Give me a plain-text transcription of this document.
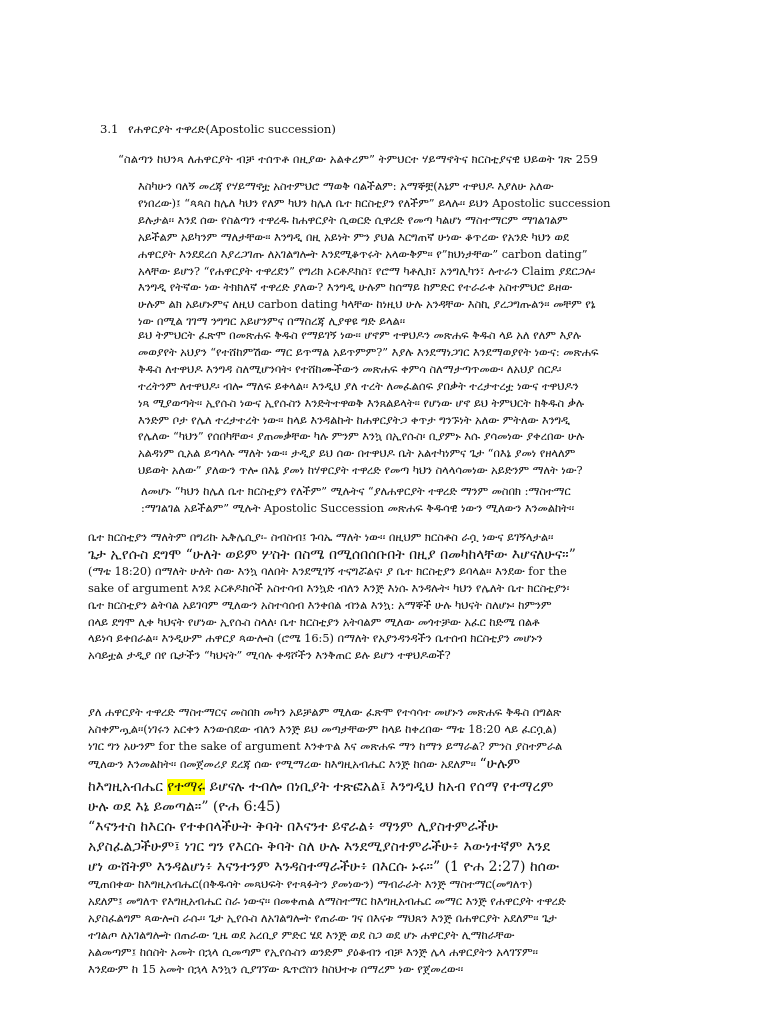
3.1 የሐዋርያት ተዋረድ(Apostolic succession)
“ስልጣን ከህንጻ ለሐዋርያት ብቻ ተሰጥቶ በዚያው አልቀረም” ትምህርተ ሃይማኖትና ክርስቲያናዊ ህይወት ገጽ 259
እስካሁን ባለኝ መረጃ የሃይማኖቷ አስተምህሮ ማወቅ ባልችልም: አማኞቿ(እኔም ተዋህዶ እያለሁ አለው
የነበረው)፤ “ጳጳስ ከሌለ ካህን የለም ካህን ከሌለ ቤተ ክርስቲያን የለችም” ይላሉ፡፡ ይህን Apostolic succession
ይሉታል፡፡ እንደ ሰው የስልጣን ተዋረዱ ከሐዋርያት ሲወርድ ሲዋረድ የመጣ ካልሆነ ማስተማርም ማገልገልም
አይችልም አይካንም ማለታቸው፡፡ እንግዲ በዚ አይነት ምን ያህል እርግጠኛ ሁነው ቆጥረው የአንድ ካህን ወደ
ሐዋርያት እንደደረሰ እያረጋገጡ ለአገልግሎት እንደሚቆጥሩት አላውቅም፡፡ የ”ክህነታቸው” carbon dating”
አላቸው ይሆን? “የሐዋርያት ተዋረደን” የግሪክ ኦርቶዶክስ፣ የሮማ ካቶሊክ፣ አንግሊካን፣ ሉተራን Claim ያደርጋሉ፡
እንግዲ የትኛው ነው ትክክለኛ ተዋረድ ያለው? እንግዲ ሁሉም ከሰማይ ከምድር የተራራቀ አስተምህሮ ይዘው
ሁሉም ልክ አይሆኑምና ለዚህ carbon dating ካላቸው ከነዚህ ሁሉ አንዳቸው እስኪ ያረጋግጡልን፡፡ መቸም የኔ
ነው በሚል ገገማ ንግግር አይሆንምና በማስረጃ ሊያዋዩ ግድ ይላል፡፡
ይህ ትምህርት ፈጽሞ በመጽሐፍ ቅዱስ የማይገኝ ነው፡፡ ሆኖም ተዋህዶን መጽሐፍ ቅዱስ ላይ አለ የለም እያሉ
መወያየት አህያን “የተሸከምሽው ማር ይጥማል አይጥምም?” እያሉ እንደማነጋገር እንደማወያየት ነውና: መጽሐፍ
ቅዱስ ለተዋህዶ እንግዳ ስለሚሆንባት፡ የተሸከሙችውን መጽሐፍ ቀምሳ ስለማታጣጥመው፡ ለአህያ ሰርዶ፡
ተረትንም ለተዋህዶ፡ ብሎ ማለፍ ይቀላል፡፡ እንዲህ ያለ ተረት ለመፈልሰፍ ያበቃት ተረታተረቷ ነውና ተዋህዶን
ነጻ ሚያወጣት፡፡ ኢየሱስ ነውና ኢየሱስን እንድትተዋወቅ እንጸልይላት፡፡ የሆነው ሆኖ ይህ ትምህርት ከቅዱስ ቃሉ
እንድም ቦታ የሌለ ተረታተረት ነው፡፡ ከላይ እንዳልኩት ከሐዋርያትጋ ቀጥታ ግንኙነት አለው ምትለው እንግዲ
የሌለው “ካህን” የሰበካቸው፡ ያጠመቃቸው ካሉ ምንም እንኳ በኢየሱስ፡ ቢያምኑ እሱ ያሳመነው ያቀረበው ሁሉ
አልዳነም ሲአል ይጣላሉ ማለት ነው፡፡ ታዲያ ይህ ሰው በተዋህዶ ቤት አልተካነምና ጌታ “በእኔ ያመነ የዘላለም
ህይወት አለው” ያለውን ጥሎ በእኔ ያመነ ከሃዋርያት ተዋረድ የመጣ ካህን ስላላሳመነው አይድንም ማለት ነው?
ለመሆኑ “ካህን ከሌለ ቤተ ክርስቲያን የለችም” ሚሉትና “ያለሐዋርያት ተዋረድ ማንም መስበክ :ማስተማር
:ማገልገል አይችልም” ሚሉት Apostolic Succession መጽሐፍ ቅዱሳዊ ነውን ሚለውን እንመልከት፡፡
ቤተ ክርስቲያን ማለትም በግሪኩ ኤቅሌሲያ፡- ስብስብ፤ ጉባኤ ማለት ነው፡፡ በዚህም ክርስቶስ ራሷ ነውና ይገኝላታል፡፡
ጌታ ኢየሱስ ደግሞ “ሁለት ወይም ሦስት በስሜ በሚሰበሰቡበት በዚያ በመካከላቸው እሆናለሁና።”
(ማቴ 18:20) በማለት ሁለት ሰው እንኳ ባለበት እንደሚገኝ ተናግሯልና፡ ያ ቤተ ክርስቲያን ይባላል፡፡ እንደው for the
sake of argument እንደ ኦርቶዶክሶች አስተሳብ እንኳድ ብለን እንጅ እነሱ እንዳሉት፡ ካህን የሌለት ቤተ ክርስቲያን፡
ቤተ ክርስቲያን ልትባል አይገባም ሚለውን አስተሳሰብ እንቀበል ብንል እንኳ: አማኞች ሁሉ ካህናት ስለሆኑ፡ ከምንም
በላይ ደግሞ ሊቀ ካህናት የሆነው ኢየሱስ ስላለ፡ ቤተ ክርስቲያን አትባልም ሚለው መጎተቻው አፈር ከድሜ በልቶ
ላይነሳ ይቀበራል፡፡ እንዲሁም ሐዋርያ ጳውሎስ (ሮሜ 16:5) በማለት የአያንዳንዳችን ቤተሰብ ክርስቲያን መሆኑን
አሳይቷል ታዲያ በየ ቤታችን “ካህናት” ሚባሉ ቀዳሾችን እንቅጠር ይሉ ይሆን ተዋህዶወች?
ያለ ሐዋርያት ተዋረድ ማስተማርና መስበክ መካን አይቻልም ሚለው ፈጽሞ የተሳሳተ መሆኑን መጽሐፍ ቅዱስ በግልጽ
አስቀምጧል፡፡(ነገሩን አርቀን እንውሰደው ብለን እንጅ ይህ መጣታቸውም ከላይ ከቀረበው ማቴ 18:20 ላይ ፈርሷል)
ነገር ግን አሁንም for the sake of argument እንቀጥል እና መጽሐፍ ማን ከማን ይማራል? ምንስ ያስተምራል
ሚለውን እንመልከት፡፡ በመጀመሪያ ደረጃ ሰው የሚማረው ከእግዚአብሔር እንጅ ከሰው አደለም፡፡ “ሁሉም
ከእግዚአብሔር የተማሩ ይሆናሉ ተብሎ በነቢያት ተጽፎአል፤ እንግዲህ ከአብ የሰማ የተማረም
ሁሉ ወደ እኔ ይመጣል።” (ዮሐ 6:45)
“እናንተስ ከእርሱ የተቀበላችሁት ቅባት በእናንተ ይኖራል፥ ማንም ሊያስተምራችሁ
አያስፈልጋችሁም፤ ነገር ግን የእርሱ ቅባት ስለ ሁሉ እንደሚያስተምራችሁ፥ እውነተኛም እንደ
ሆነ ውሸትም እንዳልሆነ፥ እናንተንም እንዳስተማራችሁ፥ በእርሱ ኑሩ።” (1 ዮሐ 2:27) ከሰው
ሚጠበቀው ከእግዚአብሔር(በቅዱሳት መጻህፍት የተጻፉትን ያመነውን) ማብራራት እንጅ ማስተማር(መግለጥ)
አደለም፤ መግለጥ የእግዚአብሔር ስራ ነውና፡፡ በመቀጠል ለማስተማር ከእግዚአብሔር መማር እንጅ የሐዋርያት ተዋረድ
አያስፈልግም ጳውሎስ ራሱ፡፡ ጌታ ኢየሱስ ለአገልግሎት የጠራው ገና በእናቱ ማህጸን እንጅ በሐዋርያት አደለም፡፡ ጌታ
ተገልጦ ለአገልግሎት በጠራው ጊዜ ወደ አረቢያ ምድር ሄደ እንጅ ወደ ስጋ ወደ ሆኑ ሐዋርያት ሊማከራቸው
አልመጣም፤ ከሰስት አመት በኋላ ሲመጣም የኢየሱስን ወንድም ያዕቆብን ብቻ እንጅ ሌላ ሐዋርያትን አላገኘም፡፡
እንደውም ከ 15 አመት በኋላ እንኳን ሲያገኘው ጴጥሮስን ከስህተቱ በማረም ነው የጀመረው፡፡
